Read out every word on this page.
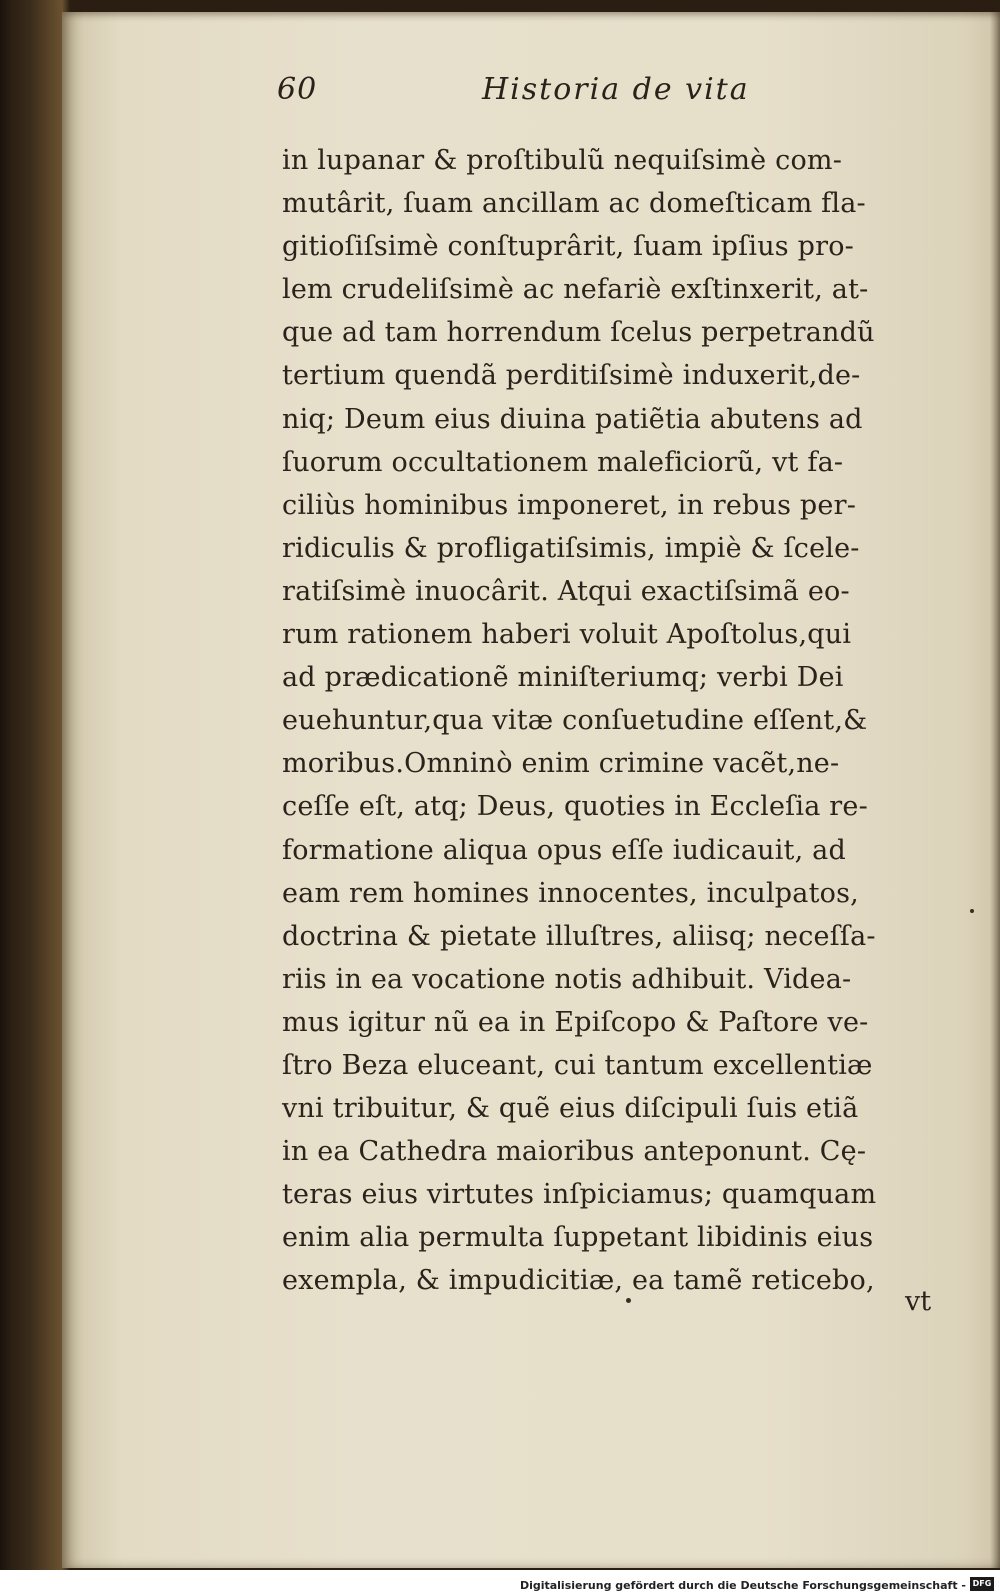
60	Historia de vita
in lupanar & proſtibulũ nequiſsimè com-
mutârit, ſuam ancillam ac domeſticam fla-
gitioſiſsimè conſtuprârit, ſuam ipſius pro-
lem crudeliſsimè ac nefariè exſtinxerit, at-
que ad tam horrendum ſcelus perpetrandũ
tertium quendã perditiſsimè induxerit,de-
niq; Deum eius diuina patiẽtia abutens ad
ſuorum occultationem maleficiorũ, vt fa-
ciliùs hominibus imponeret, in rebus per-
ridiculis & profligatiſsimis, impiè & ſcele-
ratiſsimè inuocârit. Atqui exactiſsimã eo-
rum rationem haberi voluit Apoſtolus,qui
ad prædicationẽ miniſteriumq; verbi Dei
euehuntur,qua vitæ conſuetudine eſſent,&
moribus.Omninò enim crimine vacẽt,ne-
ceſſe eſt, atq; Deus, quoties in Eccleſia re-
formatione aliqua opus eſſe iudicauit, ad
eam rem homines innocentes, inculpatos,
doctrina & pietate illuſtres, aliisq; neceſſa-
riis in ea vocatione notis adhibuit. Videa-
mus igitur nũ ea in Epiſcopo & Paſtore ve-
ſtro Beza eluceant, cui tantum excellentiæ
vni tribuitur, & quẽ eius diſcipuli ſuis etiã
in ea Cathedra maioribus anteponunt. Cę-
teras eius virtutes inſpiciamus; quamquam
enim alia permulta ſuppetant libidinis eius
exempla, & impudicitiæ, ea tamẽ reticebo,
vt
Digitalisierung gefördert durch die Deutsche Forschungsgemeinschaft - DFG
